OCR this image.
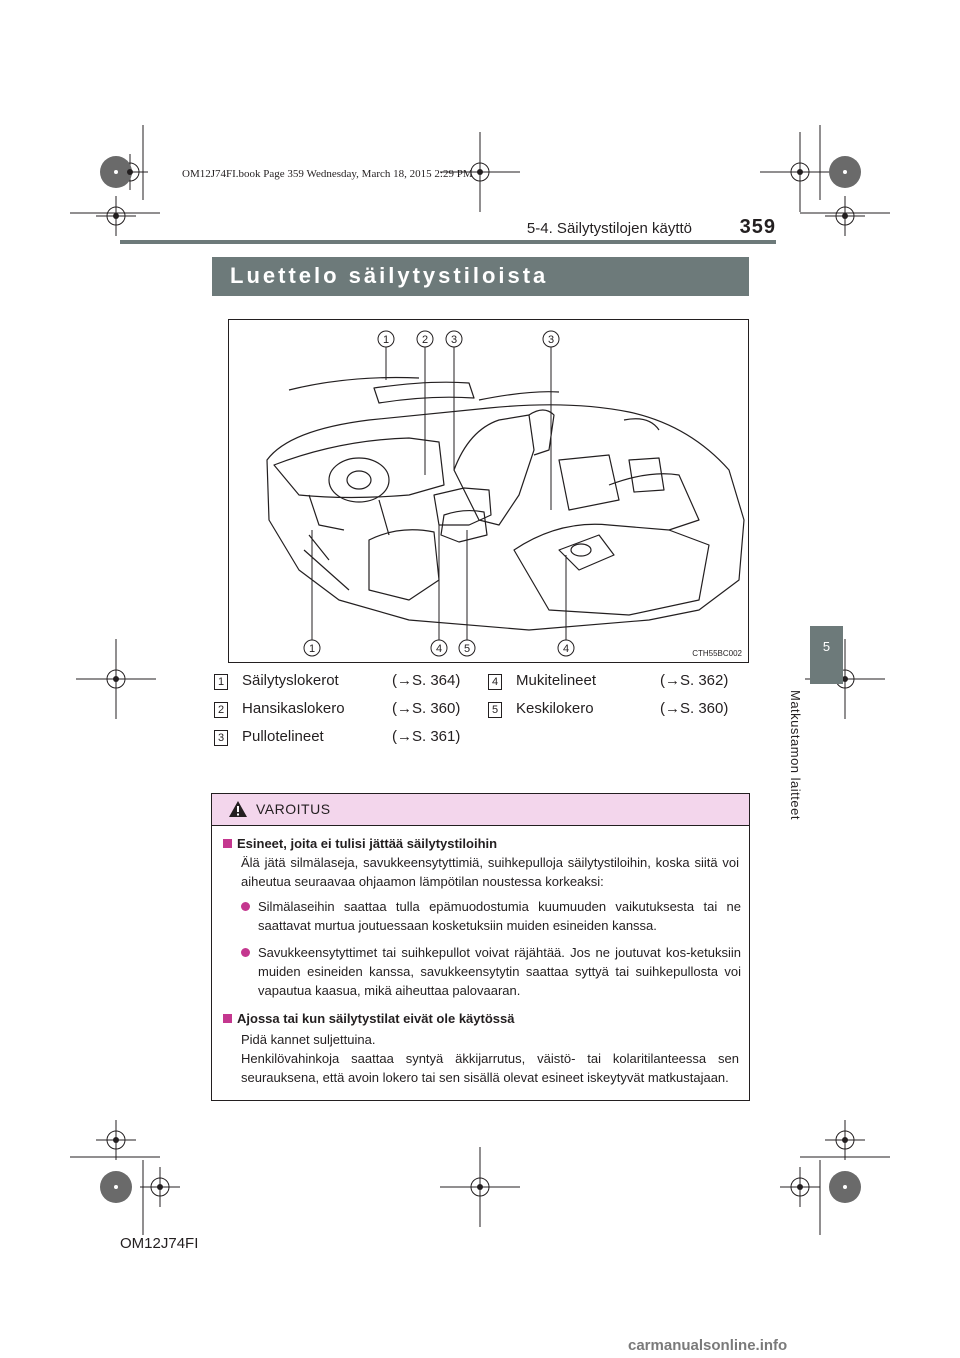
OM12J74FI.book Page 359 Wednesday, March 18, 2015 2:29 PM
5-4. Säilytystilojen käyttö 359
Luettelo säilytystiloista
5
Matkustamon laitteet
1	2 3	3
1	4 5	4	CTH55BC002
1 Säilytyslokerot	(→S. 364)
2 Hansikaslokero	(→S. 360)
3 Pullotelineet	(→S. 361)
4 Mukitelineet	(→S. 362)
5 Keskilokero	(→S. 360)
VAROITUS
Esineet, joita ei tulisi jättää säilytystiloihin
Älä jätä silmälaseja, savukkeensytyttimiä, suihkepulloja säilytystiloihin, koska siitä voi aiheutua seuraavaa ohjaamon lämpötilan noustessa korkeaksi:
Silmälaseihin saattaa tulla epämuodostumia kuumuuden vaikutuksesta tai ne saattavat murtua joutuessaan kosketuksiin muiden esineiden kanssa.
Savukkeensytyttimet tai suihkepullot voivat räjähtää. Jos ne joutuvat kos-ketuksiin muiden esineiden kanssa, savukkeensytytin saattaa syttyä tai suihkepullosta voi vapautua kaasua, mikä aiheuttaa palovaaran.
Ajossa tai kun säilytystilat eivät ole käytössä
Pidä kannet suljettuina.
Henkilövahinkoja saattaa syntyä äkkijarrutus, väistö- tai kolaritilanteessa sen seurauksena, että avoin lokero tai sen sisällä olevat esineet iskeytyvät matkustajaan.
OM12J74FI
carmanualsonline.info
